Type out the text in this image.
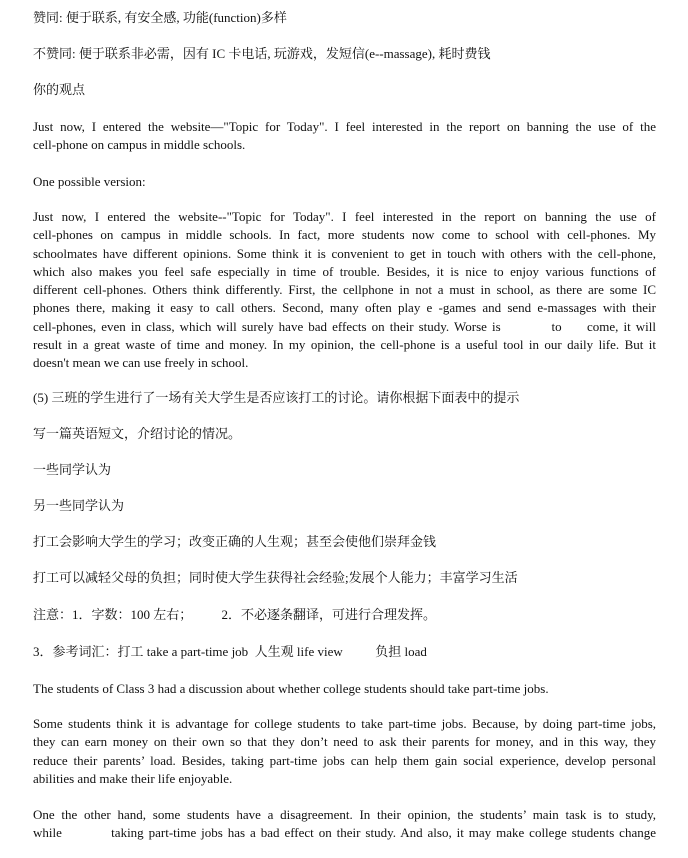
赞同: 便于联系, 有安全感, 功能(function)多样
不赞同: 便于联系非必需，因有 IC 卡电话, 玩游戏，发短信(e--massage), 耗时费钱
你的观点
Just now, I entered the website—"Topic for Today". I feel interested in the report on banning the use of the
cell-phone on campus in middle schools.
One possible version:
Just now, I entered the website--"Topic for Today". I feel interested in the report on banning the use of
cell-phones on campus in middle schools. In fact, more students now come to school with cell-phones. My
schoolmates have different opinions. Some think it is convenient to get in touch with others with the cell-phone,
which also makes you feel safe especially in time of trouble. Besides, it is nice to enjoy various functions of
different cell-phones. Others think differently. First, the cellphone in not a must in school, as there are some IC
phones there, making it easy to call others. Second, many often play e -games and send e-massages with their
cell-phones, even in class, which will surely have bad effects on their study. Worse is          to     come, it will
result in a great waste of time and money. In my opinion, the cell-phone is a useful tool in our daily life. But it
doesn't mean we can use freely in school.
(5) 三班的学生进行了一场有关大学生是否应该打工的讨论。请你根据下面表中的提示
写一篇英语短文，介绍讨论的情况。
一些同学认为
另一些同学认为
打工会影响大学生的学习；改变正确的人生观；甚至会使他们崇拜金钱
打工可以减轻父母的负担；同时使大学生获得社会经验;发展个人能力；丰富学习生活
注意：1．字数：100 左右；         2．不必逐条翻译，可进行合理发挥。
3．参考词汇：打工 take a part-time job  人生观 life view          负担 load
The students of Class 3 had a discussion about whether college students should take part-time jobs.
Some students think it is advantage for college students to take part-time jobs. Because, by doing part-time jobs,
they can earn money on their own so that they don’t need to ask their parents for money, and in this way, they
reduce their parents’ load. Besides, taking part-time jobs can help them gain social experience, develop personal
abilities and make their life enjoyable.
One the other hand, some students have a disagreement. In their opinion, the students’ main task is to study,
while          taking part-time jobs has a bad effect on their study. And also, it may make college students change
